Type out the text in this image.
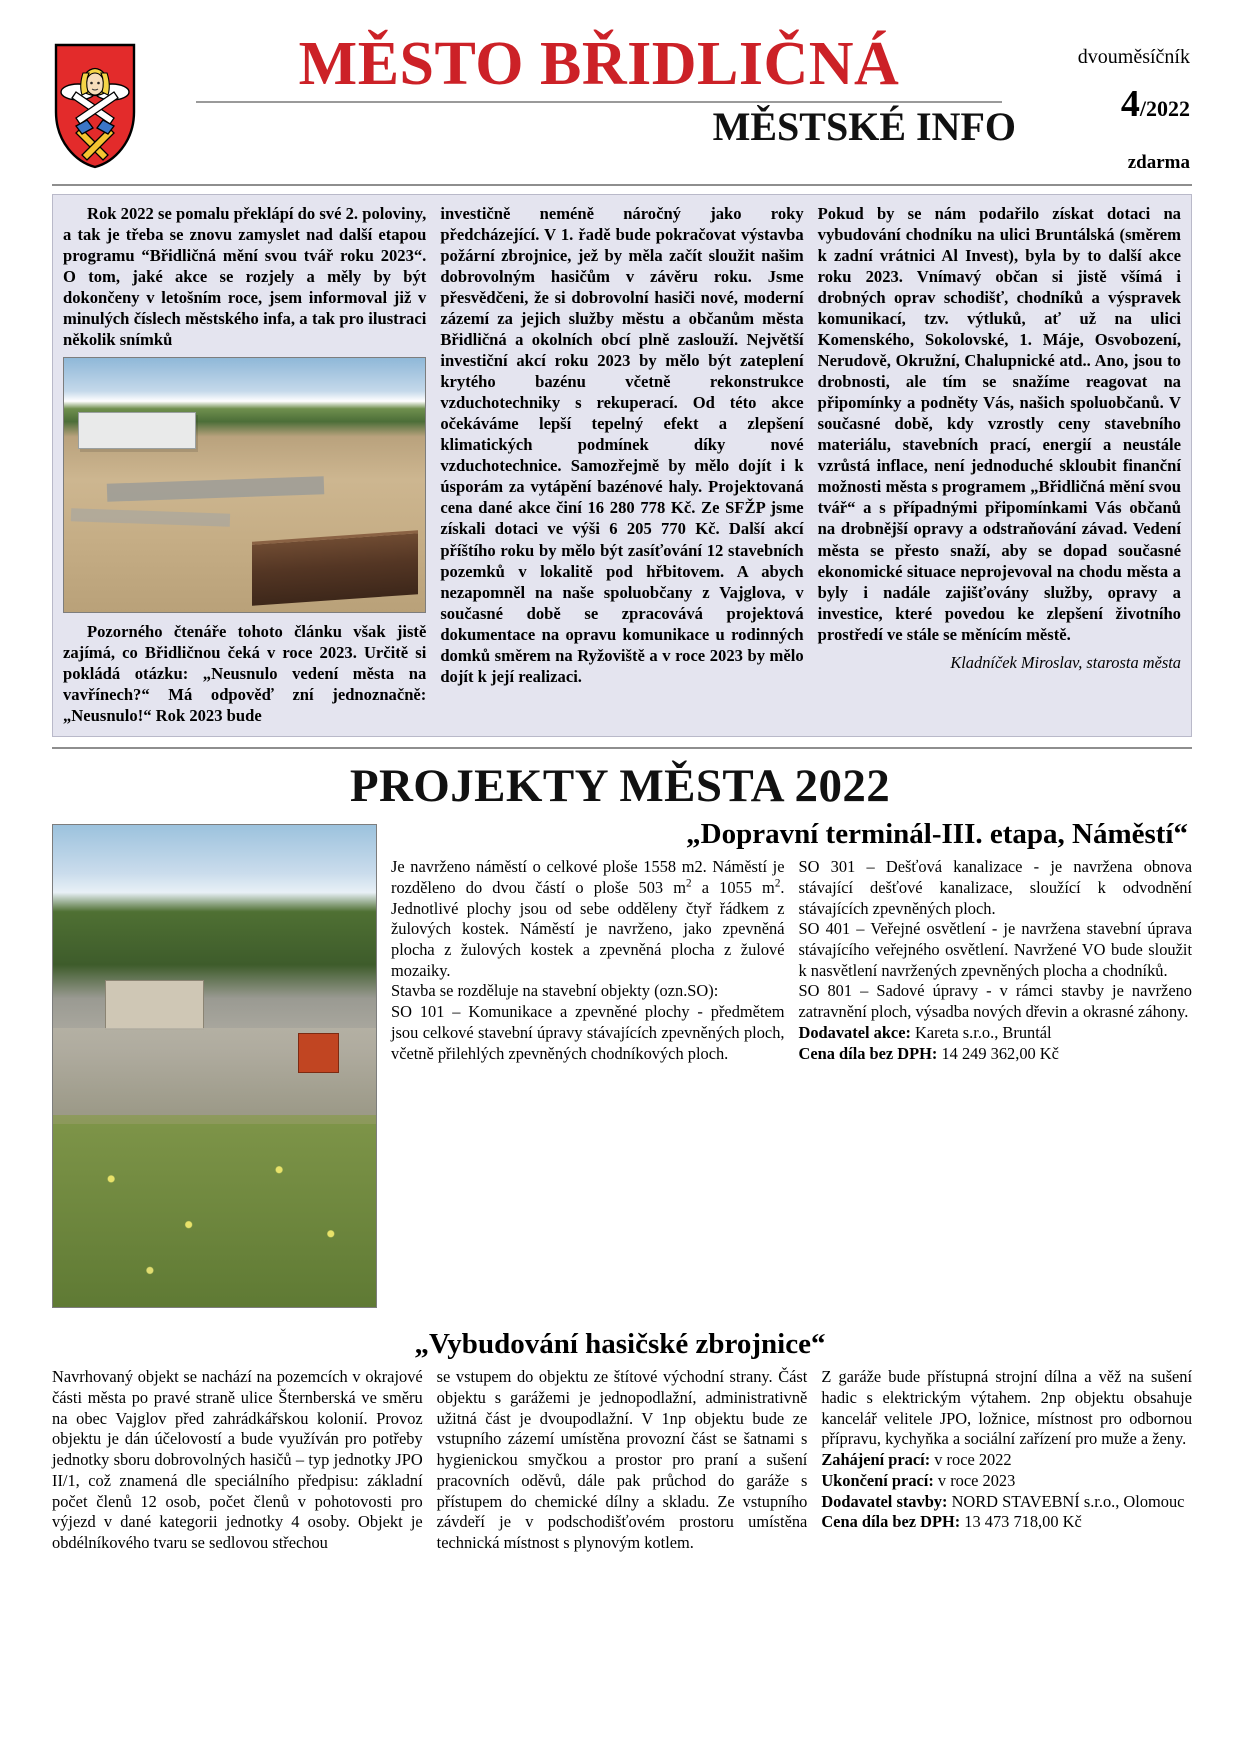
MĚSTO BŘIDLIČNÁ
MĚSTSKÉ INFO
dvouměsíčník
4/2022
zdarma

Rok 2022 se pomalu překlápí do své 2. poloviny, a tak je třeba se znovu zamyslet nad další etapou programu “Břidličná mění svou tvář roku 2023“. O tom, jaké akce se rozjely a měly by být dokončeny v letošním roce, jsem informoval již v minulých číslech městského infa, a tak pro ilustraci několik snímků

Pozorného čtenáře tohoto článku však jistě zajímá, co Břidličnou čeká v roce 2023. Určitě si pokládá otázku: „Neusnulo vedení města na vavřínech?“ Má odpověď zní jednoznačně: „Neusnulo!“ Rok 2023 bude

investičně neméně náročný jako roky předcházející. V 1. řadě bude pokračovat výstavba požární zbrojnice, jež by měla začít sloužit našim dobrovolným hasičům v závěru roku. Jsme přesvědčeni, že si dobrovolní hasiči nové, moderní zázemí za jejich služby městu a občanům města Břidličná a okolních obcí plně zaslouží. Největší investiční akcí roku 2023 by mělo být zateplení krytého bazénu včetně rekonstrukce vzduchotechniky s rekuperací. Od této akce očekáváme lepší tepelný efekt a zlepšení klimatických podmínek díky nové vzduchotechnice. Samozřejmě by mělo dojít i k úsporám za vytápění bazénové haly. Projektovaná cena dané akce činí 16 280 778 Kč. Ze SFŽP jsme získali dotaci ve výši 6 205 770 Kč. Další akcí příštího roku by mělo být zasíťování 12 stavebních pozemků v lokalitě pod hřbitovem. A abych nezapomněl na naše spoluobčany z Vajglova, v současné době se zpracovává projektová dokumentace na opravu komunikace u rodinných domků směrem na Ryžoviště a v roce 2023 by mělo dojít k její realizaci.

Pokud by se nám podařilo získat dotaci na vybudování chodníku na ulici Bruntálská (směrem k zadní vrátnici Al Invest), byla by to další akce roku 2023. Vnímavý občan si jistě všímá i drobných oprav schodišť, chodníků a výspravek komunikací, tzv. výtluků, ať už na ulici Komenského, Sokolovské, 1. Máje, Osvobození, Nerudově, Okružní, Chalupnické atd.. Ano, jsou to drobnosti, ale tím se snažíme reagovat na připomínky a podněty Vás, našich spoluobčanů. V současné době, kdy vzrostly ceny stavebního materiálu, stavebních prací, energií a neustále vzrůstá inflace, není jednoduché skloubit finanční možnosti města s programem „Břidličná mění svou tvář“ a s případnými připomínkami Vás občanů na drobnější opravy a odstraňování závad. Vedení města se přesto snaží, aby se dopad současné ekonomické situace neprojevoval na chodu města a byly i nadále zajišťovány služby, opravy a investice, které povedou ke zlepšení životního prostředí ve stále se měnícím městě.

Kladníček Miroslav, starosta města
PROJEKTY MĚSTA 2022
„Dopravní terminál-III. etapa, Náměstí“

Je navrženo náměstí o celkové ploše 1558 m2. Náměstí je rozděleno do dvou částí o ploše 503 $m^2$ a 1055 $m^2$. Jednotlivé plochy jsou od sebe odděleny čtyř řádkem z žulových kostek. Náměstí je navrženo, jako zpevněná plocha z žulových kostek a zpevněná plocha z žulové mozaiky.

Stavba se rozděluje na stavební objekty (ozn.SO):

SO 101 – Komunikace a zpevněné plochy - předmětem jsou celkové stavební úpravy stávajících zpevněných ploch, včetně přilehlých zpevněných chodníkových ploch.

SO 301 – Dešťová kanalizace - je navržena obnova stávající dešťové kanalizace, sloužící k odvodnění stávajících zpevněných ploch.

SO 401 – Veřejné osvětlení - je navržena stavební úprava stávajícího veřejného osvětlení. Navržené VO bude sloužit k nasvětlení navržených zpevněných plocha a chodníků.

SO 801 – Sadové úpravy - v rámci stavby je navrženo zatravnění ploch, výsadba nových dřevin a okrasné záhony.

Dodavatel akce: Kareta s.r.o., Bruntál

Cena díla bez DPH: 14 249 362,00 Kč

„Vybudování hasičské zbrojnice“

Navrhovaný objekt se nachází na pozemcích v okrajové části města po pravé straně ulice Šternberská ve směru na obec Vajglov před zahrádkářskou kolonií. Provoz objektu je dán účelovostí a bude využíván pro potřeby jednotky sboru dobrovolných hasičů – typ jednotky JPO II/1, což znamená dle speciálního předpisu: základní počet členů 12 osob, počet členů v pohotovosti pro výjezd v dané kategorii jednotky 4 osoby. Objekt je obdélníkového tvaru se sedlovou střechou

se vstupem do objektu ze štítové východní strany. Část objektu s garážemi je jednopodlažní, administrativně užitná část je dvoupodlažní. V 1np objektu bude ze vstupního zázemí umístěna provozní část se šatnami s hygienickou smyčkou a prostor pro praní a sušení pracovních oděvů, dále pak průchod do garáže s přístupem do chemické dílny a skladu. Ze vstupního závdeří je v podschodišťovém prostoru umístěna technická místnost s plynovým kotlem.

Z garáže bude přístupná strojní dílna a věž na sušení hadic s elektrickým výtahem. 2np objektu obsahuje kancelář velitele JPO, ložnice, místnost pro odbornou přípravu, kychyňka a sociální zařízení pro muže a ženy.

Zahájení prací: v roce 2022

Ukončení prací: v roce 2023

Dodavatel stavby: NORD STAVEBNÍ s.r.o., Olomouc

Cena díla bez DPH: 13 473 718,00 Kč
